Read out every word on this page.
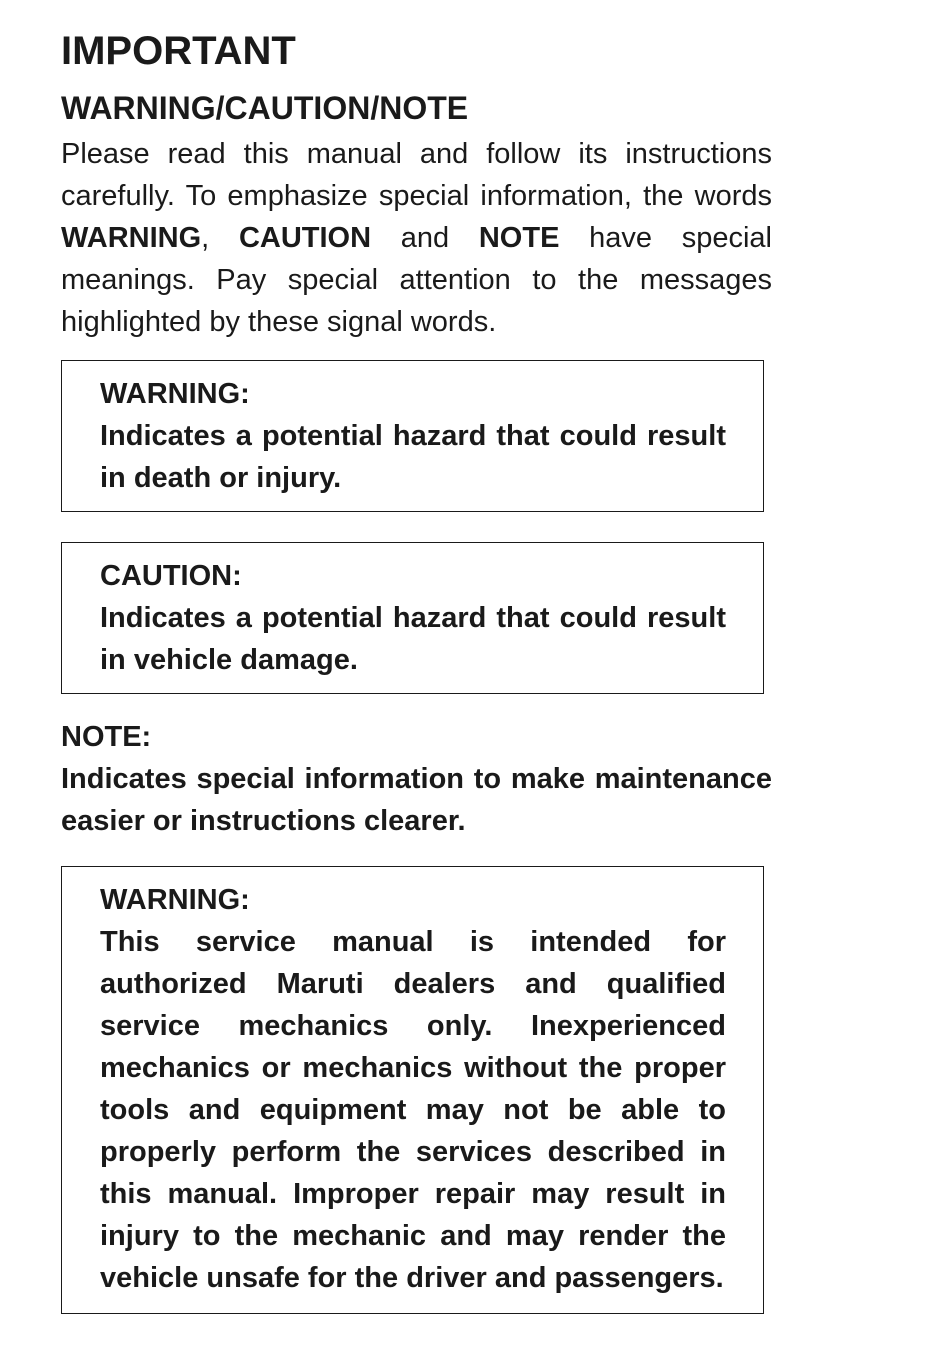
IMPORTANT
WARNING/CAUTION/NOTE

Please read this manual and follow its instructions carefully. To emphasize special information, the words WARNING, CAUTION and NOTE have special meanings. Pay special attention to the messages highlighted by these signal words.

WARNING:

Indicates a potential hazard that could result in death or injury.

CAUTION:

Indicates a potential hazard that could result in vehicle damage.

NOTE:

Indicates special information to make maintenance easier or instructions clearer.

WARNING:

This service manual is intended for authorized Maruti dealers and qualified service mechanics only. Inexperienced mechanics or mechanics without the proper tools and equipment may not be able to properly perform the services described in this manual. Improper repair may result in injury to the mechanic and may render the vehicle unsafe for the driver and passengers.
